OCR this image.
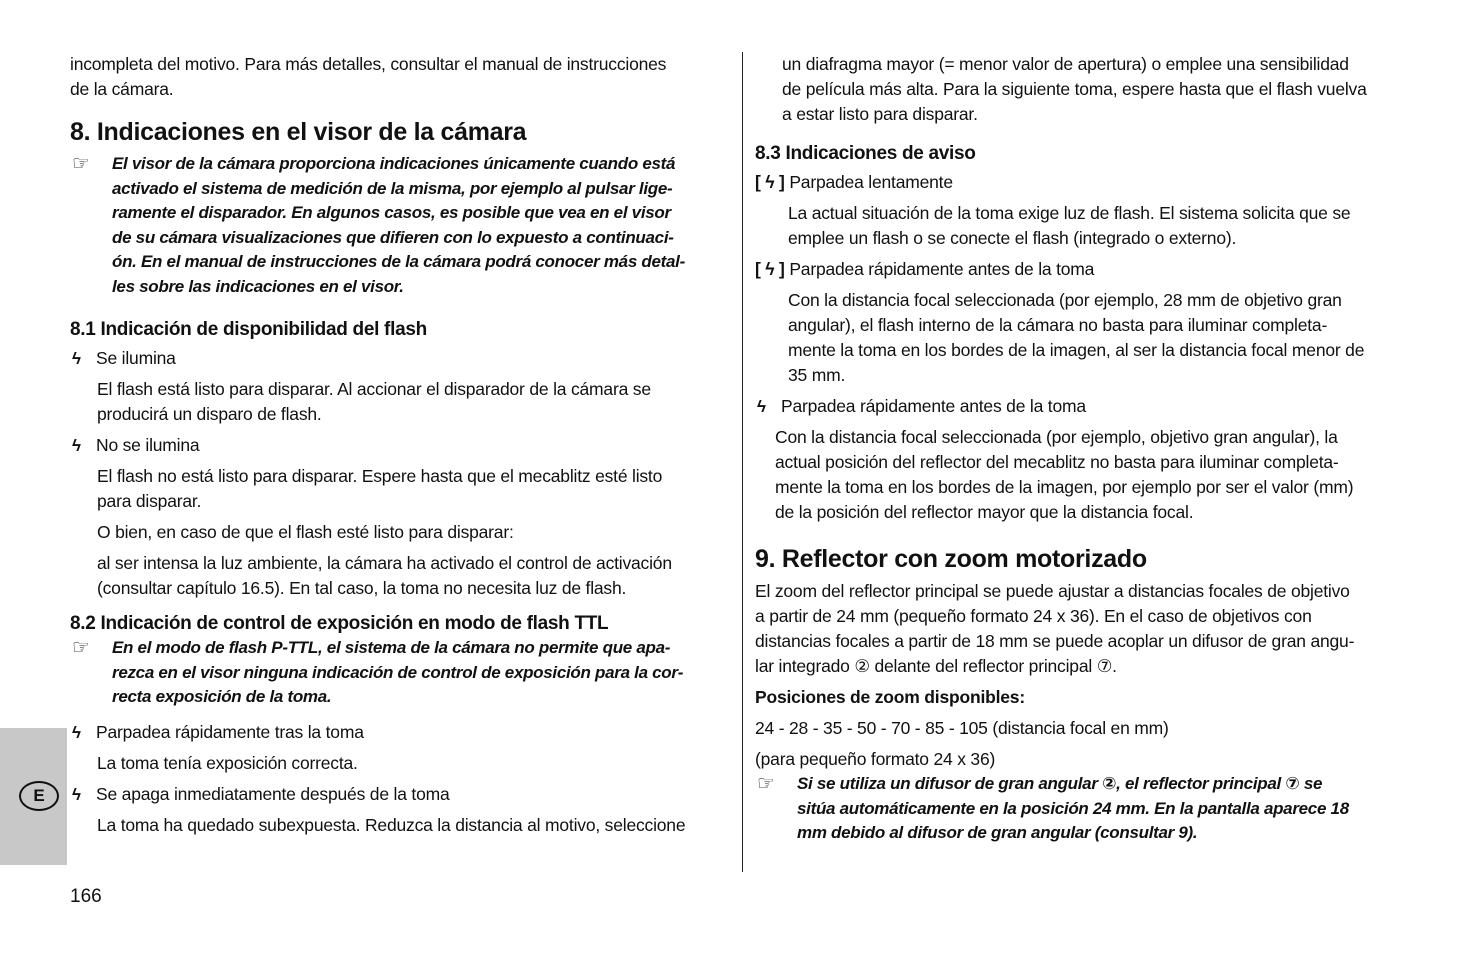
E

incompleta del motivo. Para más detalles, consultar el manual de instrucciones

de la cámara.

8. Indicaciones en el visor de la cámara
☞ El visor de la cámara proporciona indicaciones únicamente cuando está
activado el sistema de medición de la misma, por ejemplo al pulsar lige-
ramente el disparador. En algunos casos, es posible que vea en el visor
de su cámara visualizaciones que difieren con lo expuesto a continuaci-
ón. En el manual de instrucciones de la cámara podrá conocer más detal-
les sobre las indicaciones en el visor.
8.1 Indicación de disponibilidad del flash

ϟ Se ilumina

El flash está listo para disparar. Al accionar el disparador de la cámara se

producirá un disparo de flash.

ϟ No se ilumina

El flash no está listo para disparar. Espere hasta que el mecablitz esté listo

para disparar.

O bien, en caso de que el flash esté listo para disparar:

al ser intensa la luz ambiente, la cámara ha activado el control de activación

(consultar capítulo 16.5). En tal caso, la toma no necesita luz de flash.

8.2 Indicación de control de exposición en modo de flash TTL
☞ En el modo de flash P-TTL, el sistema de la cámara no permite que apa-
rezca en el visor ninguna indicación de control de exposición para la cor-
recta exposición de la toma.

ϟ Parpadea rápidamente tras la toma

La toma tenía exposición correcta.

ϟ Se apaga inmediatamente después de la toma

La toma ha quedado subexpuesta. Reduzca la distancia al motivo, seleccione

un diafragma mayor (= menor valor de apertura) o emplee una sensibilidad

de película más alta. Para la siguiente toma, espere hasta que el flash vuelva

a estar listo para disparar.

8.3 Indicaciones de aviso

[ ϟ ] Parpadea lentamente

La actual situación de la toma exige luz de flash. El sistema solicita que se

emplee un flash o se conecte el flash (integrado o externo).

[ ϟ ] Parpadea rápidamente antes de la toma

Con la distancia focal seleccionada (por ejemplo, 28 mm de objetivo gran

angular), el flash interno de la cámara no basta para iluminar completa-

mente la toma en los bordes de la imagen, al ser la distancia focal menor de

35 mm.

ϟ Parpadea rápidamente antes de la toma

Con la distancia focal seleccionada (por ejemplo, objetivo gran angular), la

actual posición del reflector del mecablitz no basta para iluminar completa-

mente la toma en los bordes de la imagen, por ejemplo por ser el valor (mm)

de la posición del reflector mayor que la distancia focal.

9. Reflector con zoom motorizado

El zoom del reflector principal se puede ajustar a distancias focales de objetivo

a partir de 24 mm (pequeño formato 24 x 36). En el caso de objetivos con

distancias focales a partir de 18 mm se puede acoplar un difusor de gran angu-

lar integrado ② delante del reflector principal ⑦.

Posiciones de zoom disponibles:

24 - 28 - 35 - 50 - 70 - 85 - 105 (distancia focal en mm)

(para pequeño formato 24 x 36)

☞ Si se utiliza un difusor de gran angular ②, el reflector principal ⑦ se
sitúa automáticamente en la posición 24 mm. En la pantalla aparece 18
mm debido al difusor de gran angular (consultar 9).
166
